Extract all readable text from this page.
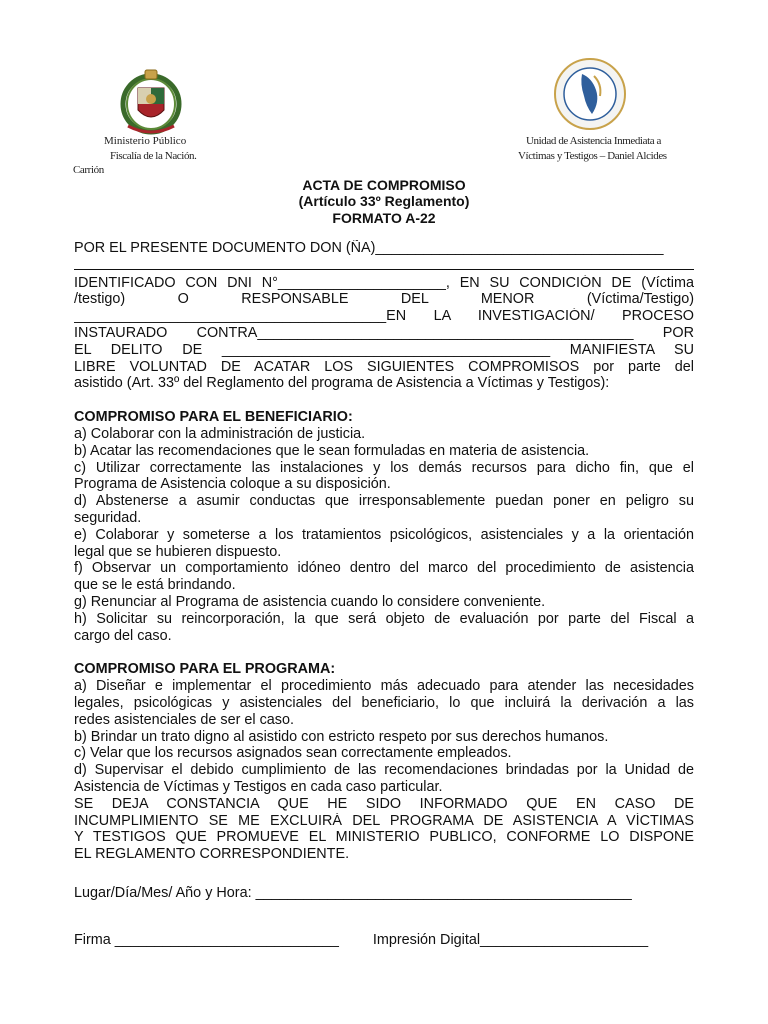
Ministerio Público
Fiscalía de la Nación.
Carrión
Unidad de Asistencia Inmediata a
Víctimas y Testigos – Daniel Alcides
ACTA DE COMPROMISO
(Artículo 33º Reglamento)
FORMATO A-22
POR EL PRESENTE DOCUMENTO DON (ÑA)____________________________________
IDENTIFICADO CON DNI N°_____________________, EN SU CONDICIÓN DE (Víctima
/testigo) O RESPONSABLE DEL MENOR (Víctima/Testigo)
_______________________________________EN LA INVESTIGACIÓN/ PROCESO
INSTAURADO CONTRA_______________________________________________ POR
EL DELITO DE _________________________________________ MANIFIESTA SU
LIBRE VOLUNTAD DE ACATAR LOS SIGUIENTES COMPROMISOS por parte del
asistido (Art. 33º del Reglamento del programa de Asistencia a Víctimas y Testigos):
COMPROMISO PARA EL BENEFICIARIO:
a) Colaborar con la administración de justicia.
b) Acatar las recomendaciones que le sean formuladas en materia de asistencia.
c) Utilizar correctamente las instalaciones y los demás recursos para dicho fin, que el
Programa de Asistencia coloque a su disposición.
d) Abstenerse a asumir conductas que irresponsablemente puedan poner en peligro su
seguridad.
e) Colaborar y someterse a los tratamientos psicológicos, asistenciales y a la orientación
legal que se hubieren dispuesto.
f) Observar un comportamiento idóneo dentro del marco del procedimiento de asistencia
que se le está brindando.
g) Renunciar al Programa de asistencia cuando lo considere conveniente.
h) Solicitar su reincorporación, la que será objeto de evaluación por parte del Fiscal a
cargo del caso.
COMPROMISO PARA EL PROGRAMA:
a) Diseñar e implementar el procedimiento más adecuado para atender las necesidades
legales, psicológicas y asistenciales del beneficiario, lo que incluirá la derivación a las
redes asistenciales de ser el caso.
b) Brindar un trato digno al asistido con estricto respeto por sus derechos humanos.
c) Velar que los recursos asignados sean correctamente empleados.
d) Supervisar el debido cumplimiento de las recomendaciones brindadas por la Unidad de
Asistencia de Víctimas y Testigos en cada caso particular.
SE DEJA CONSTANCIA QUE HE SIDO INFORMADO QUE EN CASO DE
INCUMPLIMIENTO SE ME EXCLUIRÁ DEL PROGRAMA DE ASISTENCIA A VÍCTIMAS
Y TESTIGOS QUE PROMUEVE EL MINISTERIO PUBLICO, CONFORME LO DISPONE
EL REGLAMENTO CORRESPONDIENTE.
Lugar/Día/Mes/ Año y Hora: _______________________________________________
Firma ____________________________ Impresión Digital_____________________
